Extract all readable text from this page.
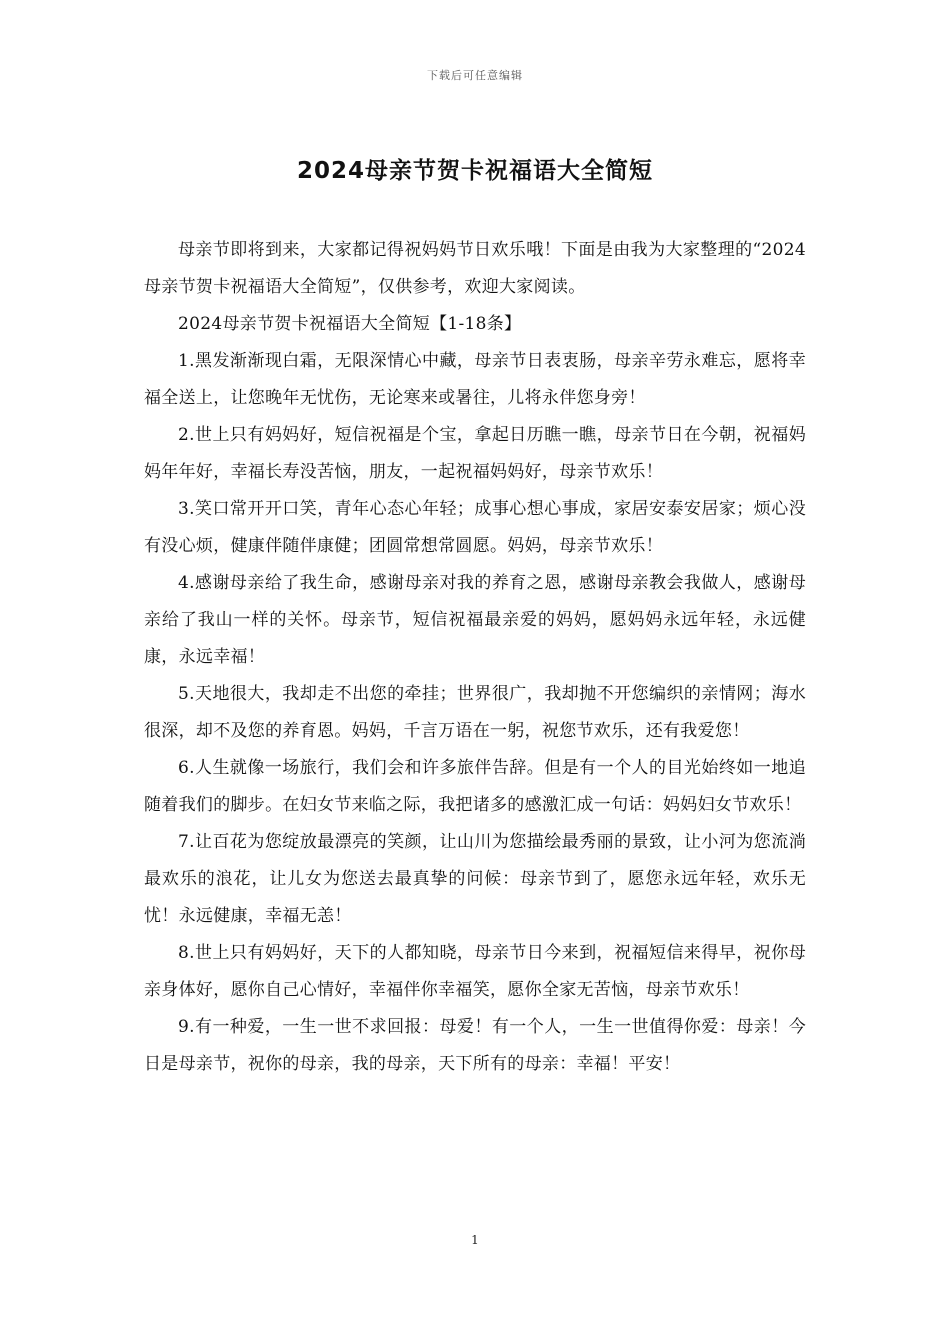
下载后可任意编辑
2024母亲节贺卡祝福语大全简短

母亲节即将到来，大家都记得祝妈妈节日欢乐哦！下面是由我为大家整理的“2024母亲节贺卡祝福语大全简短”，仅供参考，欢迎大家阅读。

2024母亲节贺卡祝福语大全简短【1-18条】

1.黑发渐渐现白霜，无限深情心中藏，母亲节日表衷肠，母亲辛劳永难忘，愿将幸福全送上，让您晚年无忧伤，无论寒来或暑往，儿将永伴您身旁！

2.世上只有妈妈好，短信祝福是个宝，拿起日历瞧一瞧，母亲节日在今朝，祝福妈妈年年好，幸福长寿没苦恼，朋友，一起祝福妈妈好，母亲节欢乐！

3.笑口常开开口笑，青年心态心年轻；成事心想心事成，家居安泰安居家；烦心没有没心烦，健康伴随伴康健；团圆常想常圆愿。妈妈，母亲节欢乐！

4.感谢母亲给了我生命，感谢母亲对我的养育之恩，感谢母亲教会我做人，感谢母亲给了我山一样的关怀。母亲节，短信祝福最亲爱的妈妈，愿妈妈永远年轻，永远健康，永远幸福！

5.天地很大，我却走不出您的牵挂；世界很广，我却抛不开您编织的亲情网；海水很深，却不及您的养育恩。妈妈，千言万语在一躬，祝您节欢乐，还有我爱您！

6.人生就像一场旅行，我们会和许多旅伴告辞。但是有一个人的目光始终如一地追随着我们的脚步。在妇女节来临之际，我把诸多的感激汇成一句话：妈妈妇女节欢乐！

7.让百花为您绽放最漂亮的笑颜，让山川为您描绘最秀丽的景致，让小河为您流淌最欢乐的浪花，让儿女为您送去最真挚的问候：母亲节到了，愿您永远年轻，欢乐无忧！永远健康，幸福无恙！

8.世上只有妈妈好，天下的人都知晓，母亲节日今来到，祝福短信来得早，祝你母亲身体好，愿你自己心情好，幸福伴你幸福笑，愿你全家无苦恼，母亲节欢乐！

9.有一种爱，一生一世不求回报：母爱！有一个人，一生一世值得你爱：母亲！今日是母亲节，祝你的母亲，我的母亲，天下所有的母亲：幸福！平安！

1
